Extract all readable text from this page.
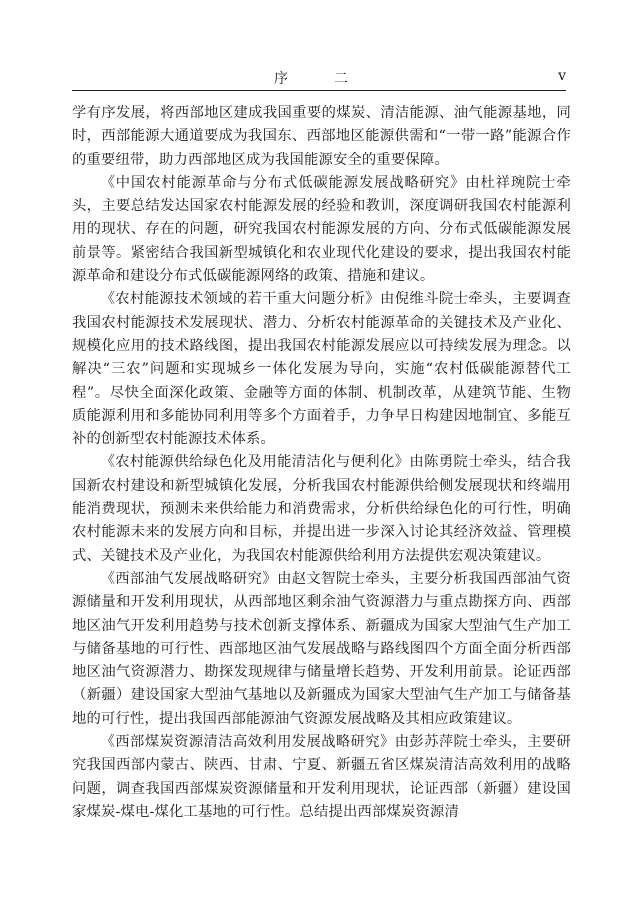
序　二	v

学有序发展，将西部地区建成我国重要的煤炭、清洁能源、油气能源基地，同时，西部能源大通道要成为我国东、西部地区能源供需和“一带一路”能源合作的重要纽带，助力西部地区成为我国能源安全的重要保障。

《中国农村能源革命与分布式低碳能源发展战略研究》由杜祥琬院士牵头，主要总结发达国家农村能源发展的经验和教训，深度调研我国农村能源利用的现状、存在的问题，研究我国农村能源发展的方向、分布式低碳能源发展前景等。紧密结合我国新型城镇化和农业现代化建设的要求，提出我国农村能源革命和建设分布式低碳能源网络的政策、措施和建议。

《农村能源技术领域的若干重大问题分析》由倪维斗院士牵头，主要调查我国农村能源技术发展现状、潜力、分析农村能源革命的关键技术及产业化、规模化应用的技术路线图，提出我国农村能源发展应以可持续发展为理念。以解决“三农”问题和实现城乡一体化发展为导向，实施“农村低碳能源替代工程”。尽快全面深化政策、金融等方面的体制、机制改革，从建筑节能、生物质能源利用和多能协同利用等多个方面着手，力争早日构建因地制宜、多能互补的创新型农村能源技术体系。

《农村能源供给绿色化及用能清洁化与便利化》由陈勇院士牵头，结合我国新农村建设和新型城镇化发展，分析我国农村能源供给侧发展现状和终端用能消费现状，预测未来供给能力和消费需求，分析供给绿色化的可行性，明确农村能源未来的发展方向和目标，并提出进一步深入讨论其经济效益、管理模式、关键技术及产业化，为我国农村能源供给利用方法提供宏观决策建议。

《西部油气发展战略研究》由赵文智院士牵头，主要分析我国西部油气资源储量和开发利用现状，从西部地区剩余油气资源潜力与重点勘探方向、西部地区油气开发利用趋势与技术创新支撑体系、新疆成为国家大型油气生产加工与储备基地的可行性、西部地区油气发展战略与路线图四个方面全面分析西部地区油气资源潜力、勘探发现规律与储量增长趋势、开发利用前景。论证西部（新疆）建设国家大型油气基地以及新疆成为国家大型油气生产加工与储备基地的可行性，提出我国西部能源油气资源发展战略及其相应政策建议。

《西部煤炭资源清洁高效利用发展战略研究》由彭苏萍院士牵头，主要研究我国西部内蒙古、陕西、甘肃、宁夏、新疆五省区煤炭清洁高效利用的战略问题，调查我国西部煤炭资源储量和开发利用现状，论证西部（新疆）建设国家煤炭-煤电-煤化工基地的可行性。总结提出西部煤炭资源清
